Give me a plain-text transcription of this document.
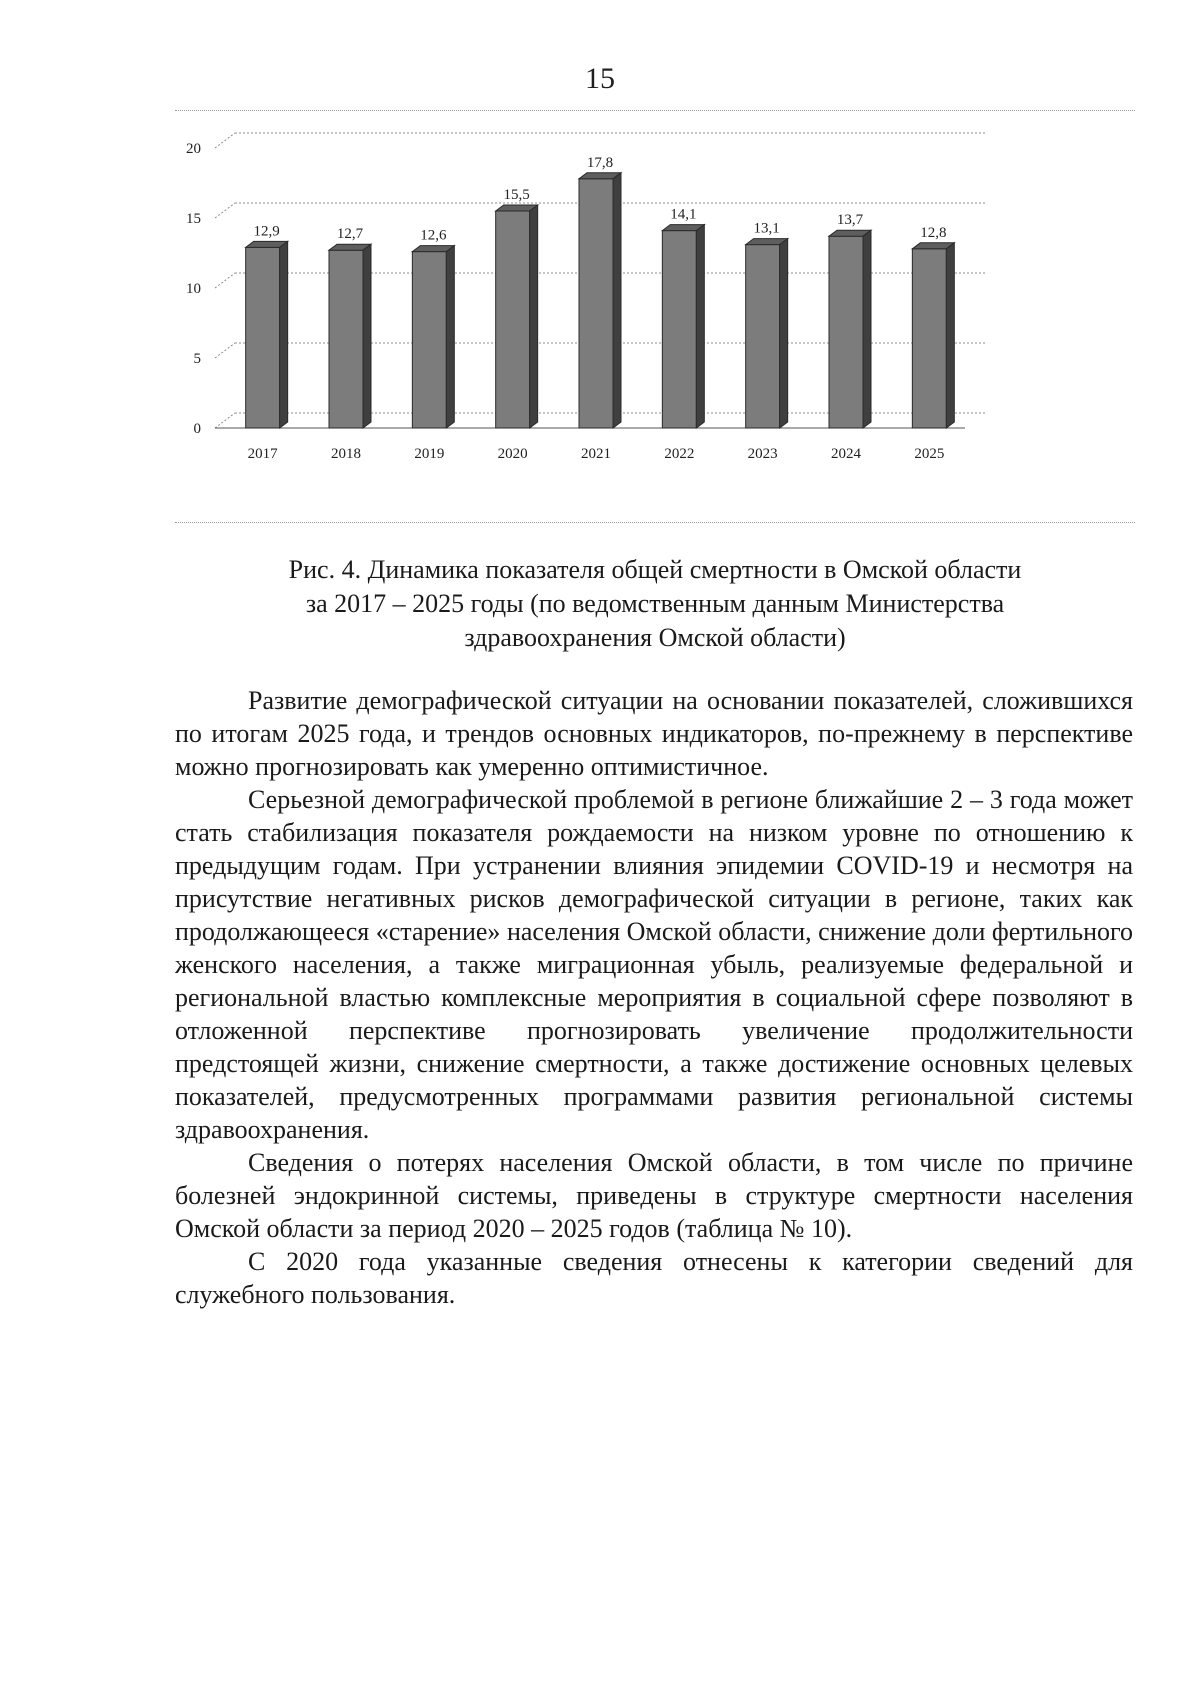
15
0
5
10
15
20
12,9	12,7	12,6
15,5
17,8
14,1
13,1
13,7
12,8
2017	2018	2019	2020	2021	2022	2023	2024	2025
Рис. 4. Динамика показателя общей смертности в Омской области
за 2017 – 2025 годы (по ведомственным данным Министерства
здравоохранения Омской области)

Развитие демографической ситуации на основании показателей, сложившихся по итогам 2025 года, и трендов основных индикаторов, по-прежнему в перспективе можно прогнозировать как умеренно оптимистичное.

Серьезной демографической проблемой в регионе ближайшие 2 – 3 года может стать стабилизация показателя рождаемости на низком уровне по отношению к предыдущим годам. При устранении влияния эпидемии COVID-19 и несмотря на присутствие негативных рисков демографической ситуации в регионе, таких как продолжающееся «старение» населения Омской области, снижение доли фертильного женского населения, а также миграционная убыль, реализуемые федеральной и региональной властью комплексные мероприятия в социальной сфере позволяют в отложенной перспективе прогнозировать увеличение продолжительности предстоящей жизни, снижение смертности, а также достижение основных целевых показателей, предусмотренных программами развития региональной системы здравоохранения.

Сведения о потерях населения Омской области, в том числе по причине болезней эндокринной системы, приведены в структуре смертности населения Омской области за период 2020 – 2025 годов (таблица № 10).

С 2020 года указанные сведения отнесены к категории сведений для служебного пользования.
